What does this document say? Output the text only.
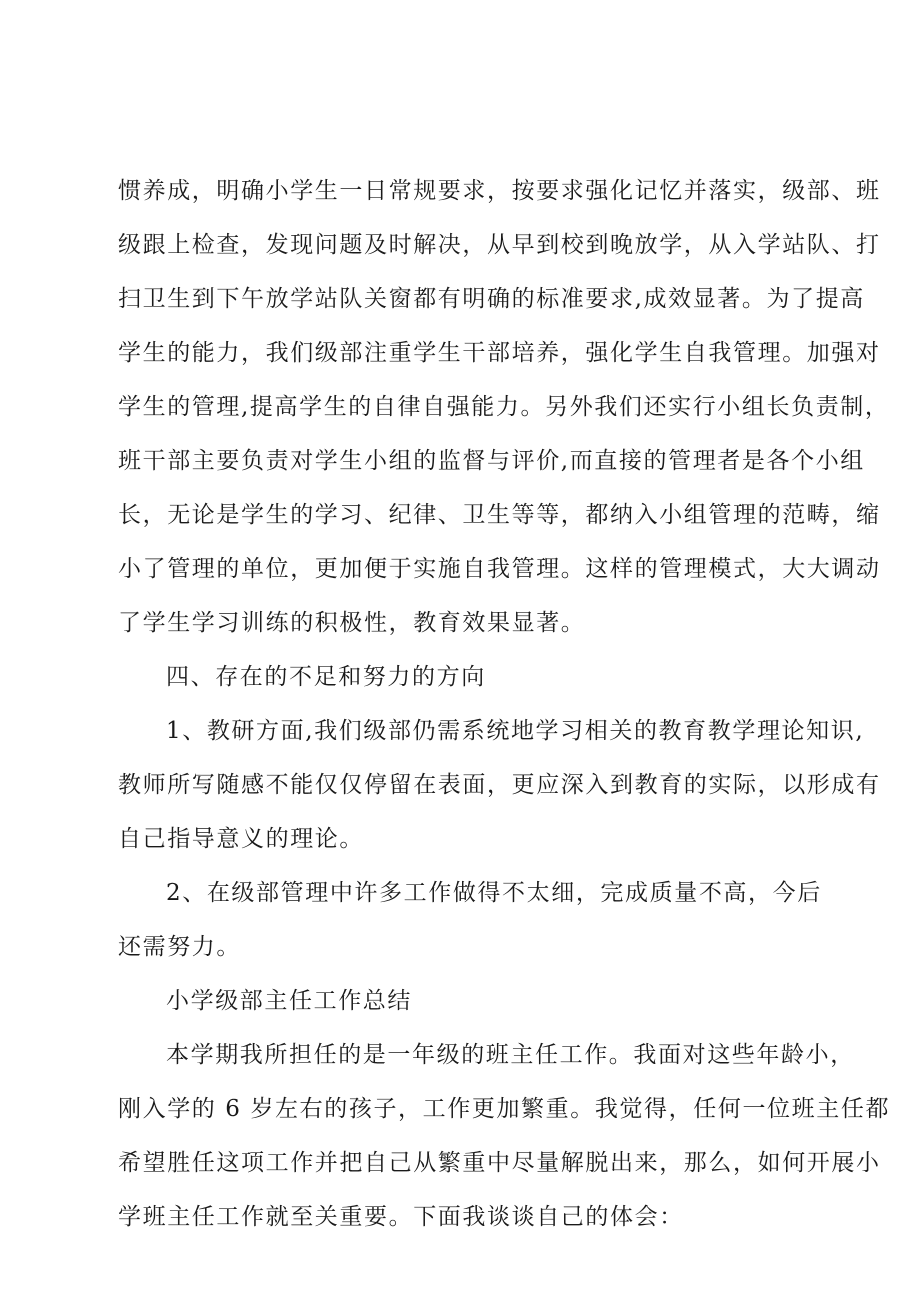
惯养成，明确小学生一日常规要求，按要求强化记忆并落实，级部、班
级跟上检查，发现问题及时解决，从早到校到晚放学，从入学站队、打
扫卫生到下午放学站队关窗都有明确的标准要求,成效显著。为了提高
学生的能力，我们级部注重学生干部培养，强化学生自我管理。加强对
学生的管理,提高学生的自律自强能力。另外我们还实行小组长负责制，
班干部主要负责对学生小组的监督与评价,而直接的管理者是各个小组
长，无论是学生的学习、纪律、卫生等等，都纳入小组管理的范畴，缩
小了管理的单位，更加便于实施自我管理。这样的管理模式，大大调动
了学生学习训练的积极性，教育效果显著。
四、存在的不足和努力的方向
1、教研方面,我们级部仍需系统地学习相关的教育教学理论知识,
教师所写随感不能仅仅停留在表面，更应深入到教育的实际，以形成有
自己指导意义的理论。
2、在级部管理中许多工作做得不太细，完成质量不高，今后
还需努力。
小学级部主任工作总结
本学期我所担任的是一年级的班主任工作。我面对这些年龄小，
刚入学的 6 岁左右的孩子，工作更加繁重。我觉得，任何一位班主任都
希望胜任这项工作并把自己从繁重中尽量解脱出来，那么，如何开展小
学班主任工作就至关重要。下面我谈谈自己的体会：
